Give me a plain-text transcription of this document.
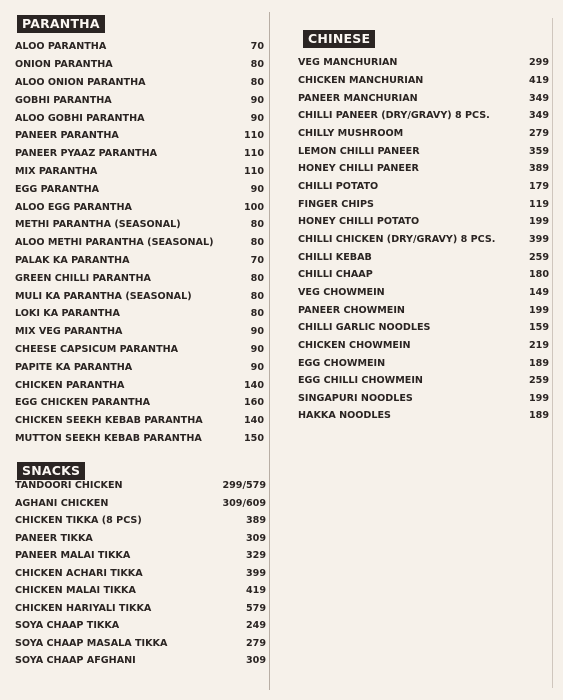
PARANTHA
ALOO PARANTHA	70
ONION PARANTHA	80
ALOO ONION PARANTHA	80
GOBHI PARANTHA	90
ALOO GOBHI PARANTHA	90
PANEER PARANTHA	110
PANEER PYAAZ PARANTHA	110
MIX PARANTHA	110
EGG PARANTHA	90
ALOO EGG PARANTHA	100
METHI PARANTHA (SEASONAL)	80
ALOO METHI PARANTHA (SEASONAL)	80
PALAK KA PARANTHA	70
GREEN CHILLI PARANTHA	80
MULI KA PARANTHA (SEASONAL)	80
LOKI KA PARANTHA	80
MIX VEG PARANTHA	90
CHEESE CAPSICUM PARANTHA	90
PAPITE KA PARANTHA	90
CHICKEN PARANTHA	140
EGG CHICKEN PARANTHA	160
CHICKEN SEEKH KEBAB PARANTHA	140
MUTTON SEEKH KEBAB PARANTHA	150
SNACKS
TANDOORI CHICKEN	299/579
AGHANI CHICKEN	309/609
CHICKEN TIKKA (8 PCS)	389
PANEER TIKKA	309
PANEER MALAI TIKKA	329
CHICKEN ACHARI TIKKA	399
CHICKEN MALAI TIKKA	419
CHICKEN HARIYALI TIKKA	579
SOYA CHAAP TIKKA	249
SOYA CHAAP MASALA TIKKA	279
SOYA CHAAP AFGHANI	309
CHINESE
VEG MANCHURIAN	299
CHICKEN MANCHURIAN	419
PANEER MANCHURIAN	349
CHILLI PANEER (DRY/GRAVY) 8 PCS.	349
CHILLY MUSHROOM	279
LEMON CHILLI PANEER	359
HONEY CHILLI PANEER	389
CHILLI POTATO	179
FINGER CHIPS	119
HONEY CHILLI POTATO	199
CHILLI CHICKEN (DRY/GRAVY) 8 PCS.	399
CHILLI KEBAB	259
CHILLI CHAAP	180
VEG CHOWMEIN	149
PANEER CHOWMEIN	199
CHILLI GARLIC NOODLES	159
CHICKEN CHOWMEIN	219
EGG CHOWMEIN	189
EGG CHILLI CHOWMEIN	259
SINGAPURI NOODLES	199
HAKKA NOODLES	189
